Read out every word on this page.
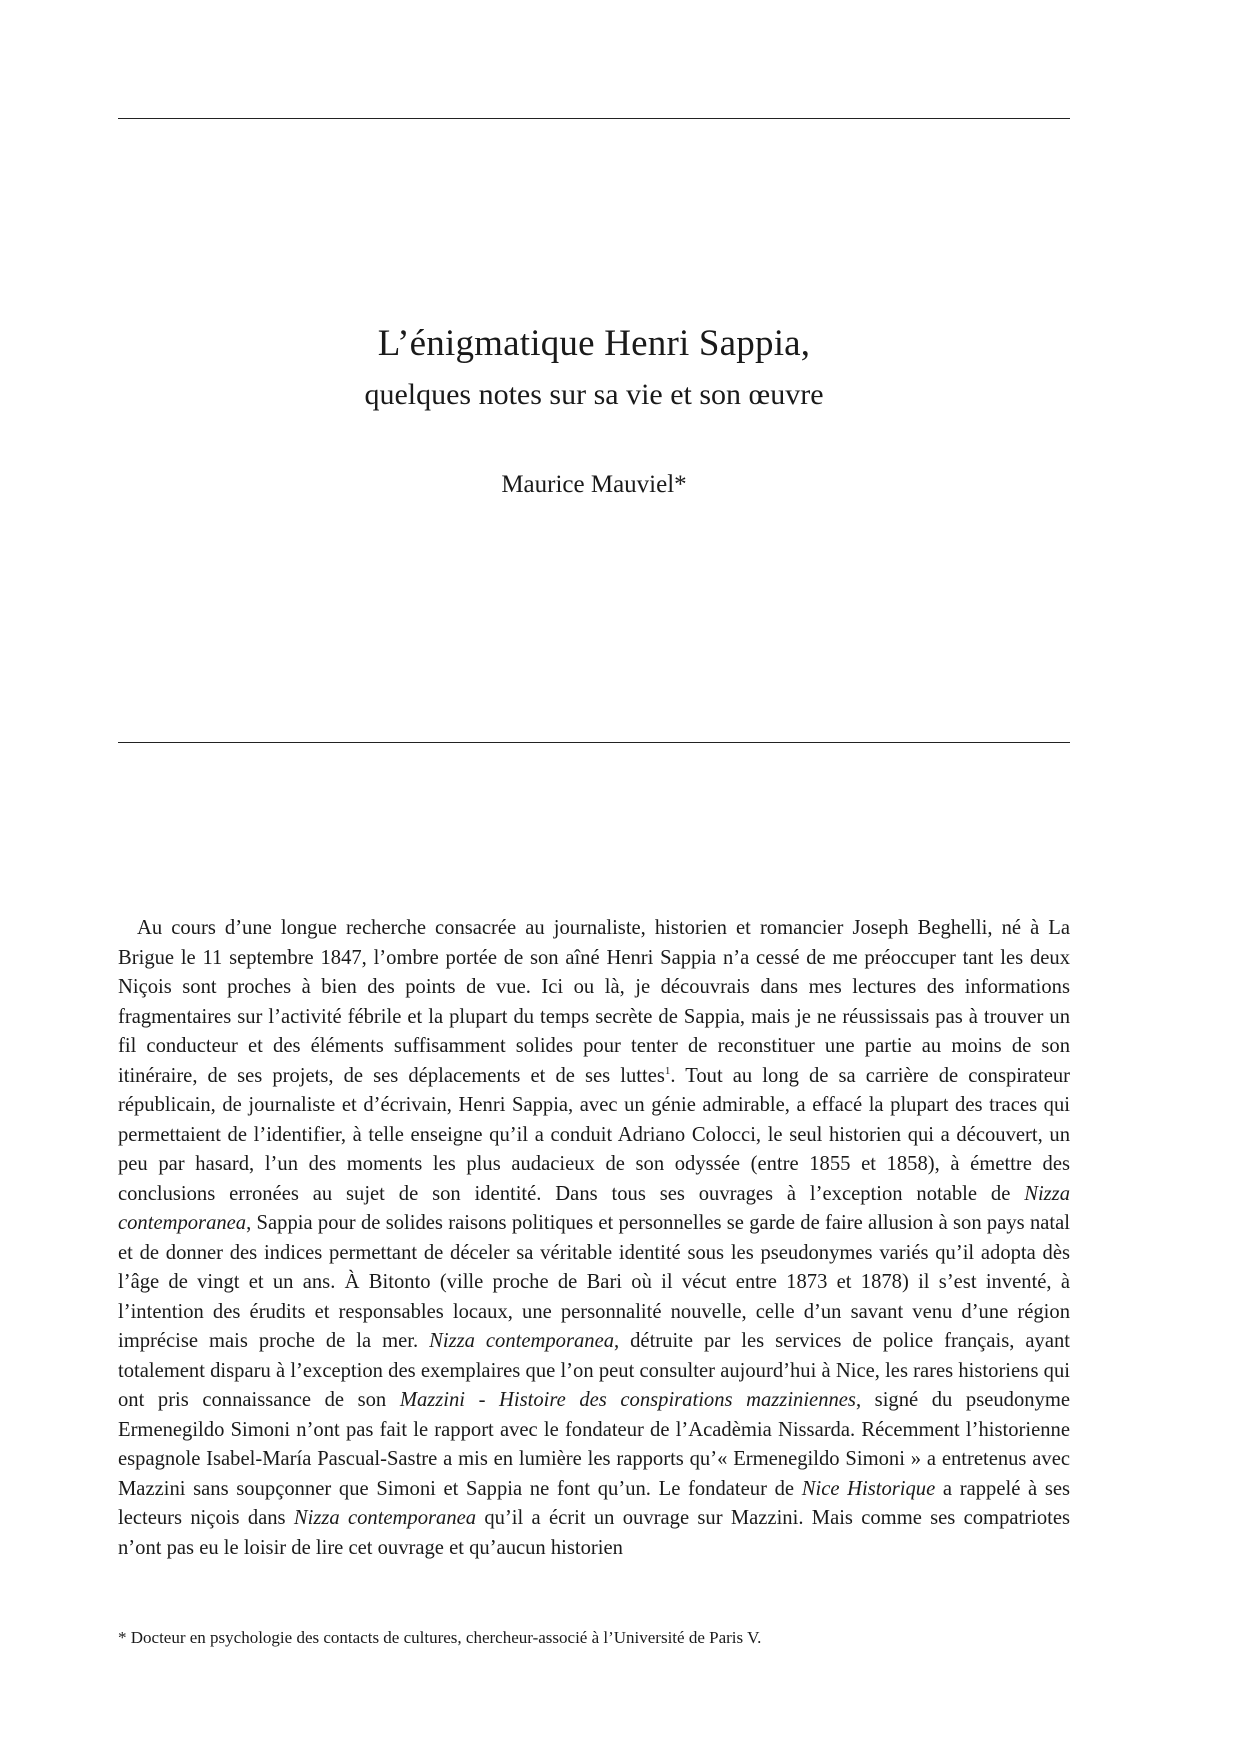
L’énigmatique Henri Sappia,
quelques notes sur sa vie et son œuvre
Maurice Mauviel*

Au cours d’une longue recherche consacrée au journaliste, historien et romancier Joseph Beghelli, né à La Brigue le 11 septembre 1847, l’ombre portée de son aîné Henri Sappia n’a cessé de me préoccuper tant les deux Niçois sont proches à bien des points de vue. Ici ou là, je découvrais dans mes lectures des informations fragmentaires sur l’activité fébrile et la plupart du temps secrète de Sappia, mais je ne réussissais pas à trouver un fil conducteur et des éléments suffisamment solides pour tenter de reconstituer une partie au moins de son itinéraire, de ses projets, de ses déplacements et de ses luttes$^1$. Tout au long de sa carrière de conspirateur républicain, de journaliste et d’écrivain, Henri Sappia, avec un génie admirable, a effacé la plupart des traces qui permettaient de l’identifier, à telle enseigne qu’il a conduit Adriano Colocci, le seul historien qui a découvert, un peu par hasard, l’un des moments les plus audacieux de son odyssée (entre 1855 et 1858), à émettre des conclusions erronées au sujet de son identité. Dans tous ses ouvrages à l’exception notable de Nizza contemporanea, Sappia pour de solides raisons politiques et personnelles se garde de faire allusion à son pays natal et de donner des indices permettant de déceler sa véritable identité sous les pseudonymes variés qu’il adopta dès l’âge de vingt et un ans. À Bitonto (ville proche de Bari où il vécut entre 1873 et 1878) il s’est inventé, à l’intention des érudits et responsables locaux, une personnalité nouvelle, celle d’un savant venu d’une région imprécise mais proche de la mer. Nizza contemporanea, détruite par les services de police français, ayant totalement disparu à l’exception des exemplaires que l’on peut consulter aujourd’hui à Nice, les rares historiens qui ont pris connaissance de son Mazzini - Histoire des conspirations mazziniennes, signé du pseudonyme Ermenegildo Simoni n’ont pas fait le rapport avec le fondateur de l’Acadèmia Nissarda. Récemment l’historienne espagnole Isabel-María Pascual-Sastre a mis en lumière les rapports qu’« Ermenegildo Simoni » a entretenus avec Mazzini sans soupçonner que Simoni et Sappia ne font qu’un. Le fondateur de Nice Historique a rappelé à ses lecteurs niçois dans Nizza contemporanea qu’il a écrit un ouvrage sur Mazzini. Mais comme ses compatriotes n’ont pas eu le loisir de lire cet ouvrage et qu’aucun historien

* Docteur en psychologie des contacts de cultures, chercheur-associé à l’Université de Paris V.
